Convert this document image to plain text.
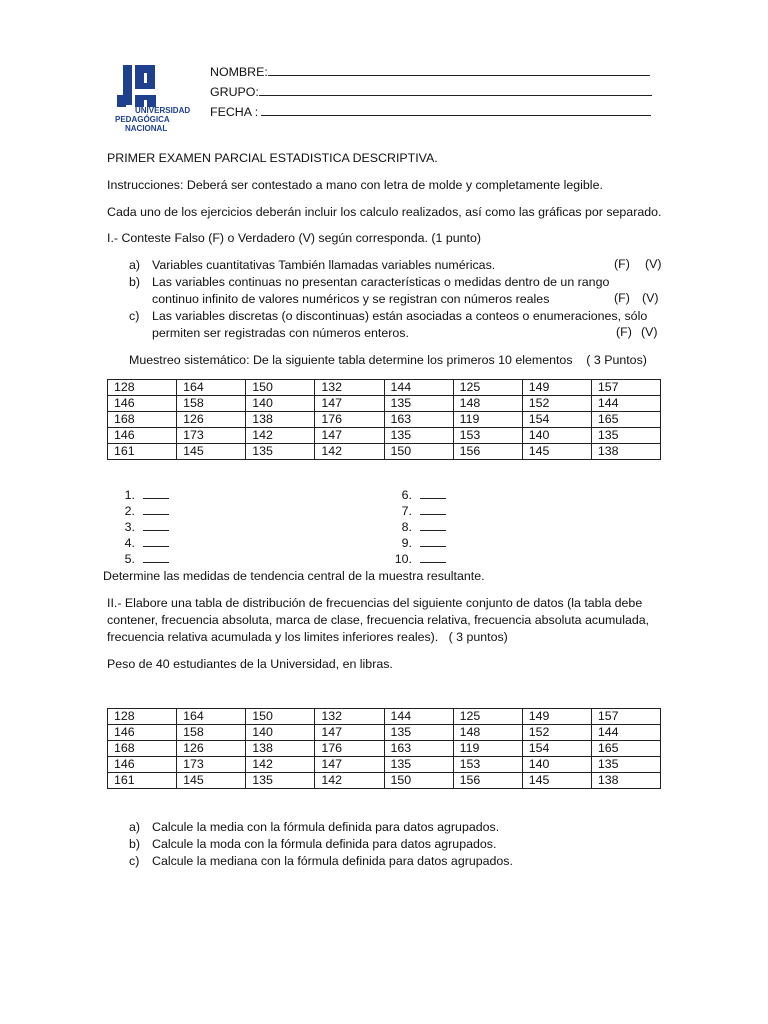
UNIVERSIDAD
PEDAGÓGICA
NACIONAL
NOMBRE:
GRUPO:
FECHA :
PRIMER EXAMEN PARCIAL ESTADISTICA DESCRIPTIVA.
Instrucciones: Deberá ser contestado a mano con letra de molde y completamente legible.
Cada uno de los ejercicios deberán incluir los calculo realizados, así como las gráficas por separado.
I.- Conteste Falso (F) o Verdadero (V) según corresponda. (1 punto)
a) Variables cuantitativas También llamadas variables numéricas.	(F) (V)
b) Las variables continuas no presentan características o medidas dentro de un rango
continuo infinito de valores numéricos y se registran con números reales	(F) (V)
c) Las variables discretas (o discontinuas) están asociadas a conteos o enumeraciones, sólo
permiten ser registradas con números enteros.	(F) (V)
Muestreo sistemático: De la siguiente tabla determine los primeros 10 elementos    ( 3 Puntos)
128	164	150	132	144	125	149	157
146	158	140	147	135	148	152	144
168	126	138	176	163	119	154	165
146	173	142	147	135	153	140	135
161	145	135	142	150	156	145	138
1.
2.
3.
4.
5.
6.
7.
8.
9.
10.
Determine las medidas de tendencia central de la muestra resultante.
II.- Elabore una tabla de distribución de frecuencias del siguiente conjunto de datos (la tabla debe
contener, frecuencia absoluta, marca de clase, frecuencia relativa, frecuencia absoluta acumulada,
frecuencia relativa acumulada y los limites inferiores reales).   ( 3 puntos)
Peso de 40 estudiantes de la Universidad, en libras.
128	164	150	132	144	125	149	157
146	158	140	147	135	148	152	144
168	126	138	176	163	119	154	165
146	173	142	147	135	153	140	135
161	145	135	142	150	156	145	138
a) Calcule la media con la fórmula definida para datos agrupados.
b) Calcule la moda con la fórmula definida para datos agrupados.
c) Calcule la mediana con la fórmula definida para datos agrupados.
